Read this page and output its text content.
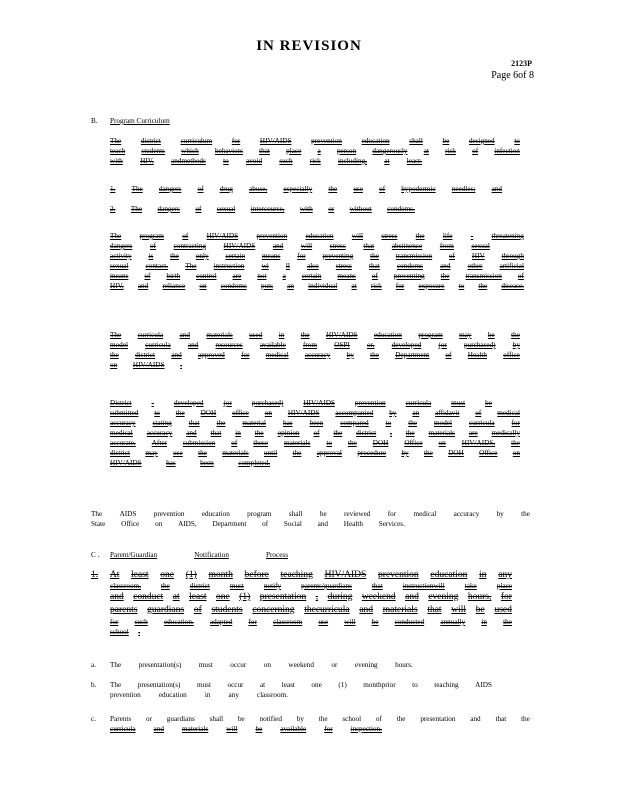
IN REVISION
2123P
Page 6of 8
B. Program Curriculum
The	district	curriculum	for	HIV/AIDS	prevention	education	shall	be	designed	to
teach students which behaviors that place a person dangerously at risk of infection
with HIV, andmethods to avoid such risk including, at least:
1. The dangers of drug abuse, especially the use of hypodermic needles; and
2. The dangers of sexual intercourse, with or without condoms.
The	program	of	HIV/AIDS	prevention	education	will	stress	the	life	-	threatening
dangers of contracting HIV/AIDS and will stress that abstinence from sexual
activity is the only certain means for preventing the transmission of HIV through
sexual contact. The instruction wi ll also stress that condoms and other artificial
means of birth control are not a certain means of preventing the transmission of
HIV, and reliance on condoms puts an individual at risk for exposure to the disease.
The curricula and materials used in the HIV/AIDS education program may be the
model curricula and resources available from OSPI or, developed (or purchased) by
the district and approved for medical accuracy by the Department of Health office
on HIV/AIDS .
District	-	developed	(or	purchased)	HIV/AIDS	prevention	curricula	must	be
submitted to the DOH office on HIV/AIDS accompanied by an affidavit of medical
accuracy stating that the material has been compared to the model curricula for
medical accuracy and that in the opinion of the district , the materials are medically
accurate. After submission of these materials to the DOH Office on HIV/AIDS, the
district may use the materials until the approval procedure by the DOH Office on
HIV/AIDS	has	been	completed.
The AIDS prevention education program shall be reviewed for medical accuracy by the
State Office on AIDS, Department of Social and Health Services.
C . Parent/Guardian	Notification	Process
1. At least one (1) month before teaching HIV/AIDS prevention education in any
classroom,	the	district	must	notify	parents/guardians	that	instructionwill	take	place
and conduct at least one (1) presentation , during weekend and evening hours, for
parents guardians of students concerning thecurricula and materials that will be used
for such education. adapted for classroom use will be conducted annually in the
school .
a. The presentation(s) must occur on weekend or evening hours.
b. The presentation(s) must occur at least one (1) monthprior to teaching AIDS
prevention	education	in	any	classroom.
c. Parents or guardians shall be notified by the school of the presentation and that the
curricula	and	materials	will	be	available	for	inspection.
